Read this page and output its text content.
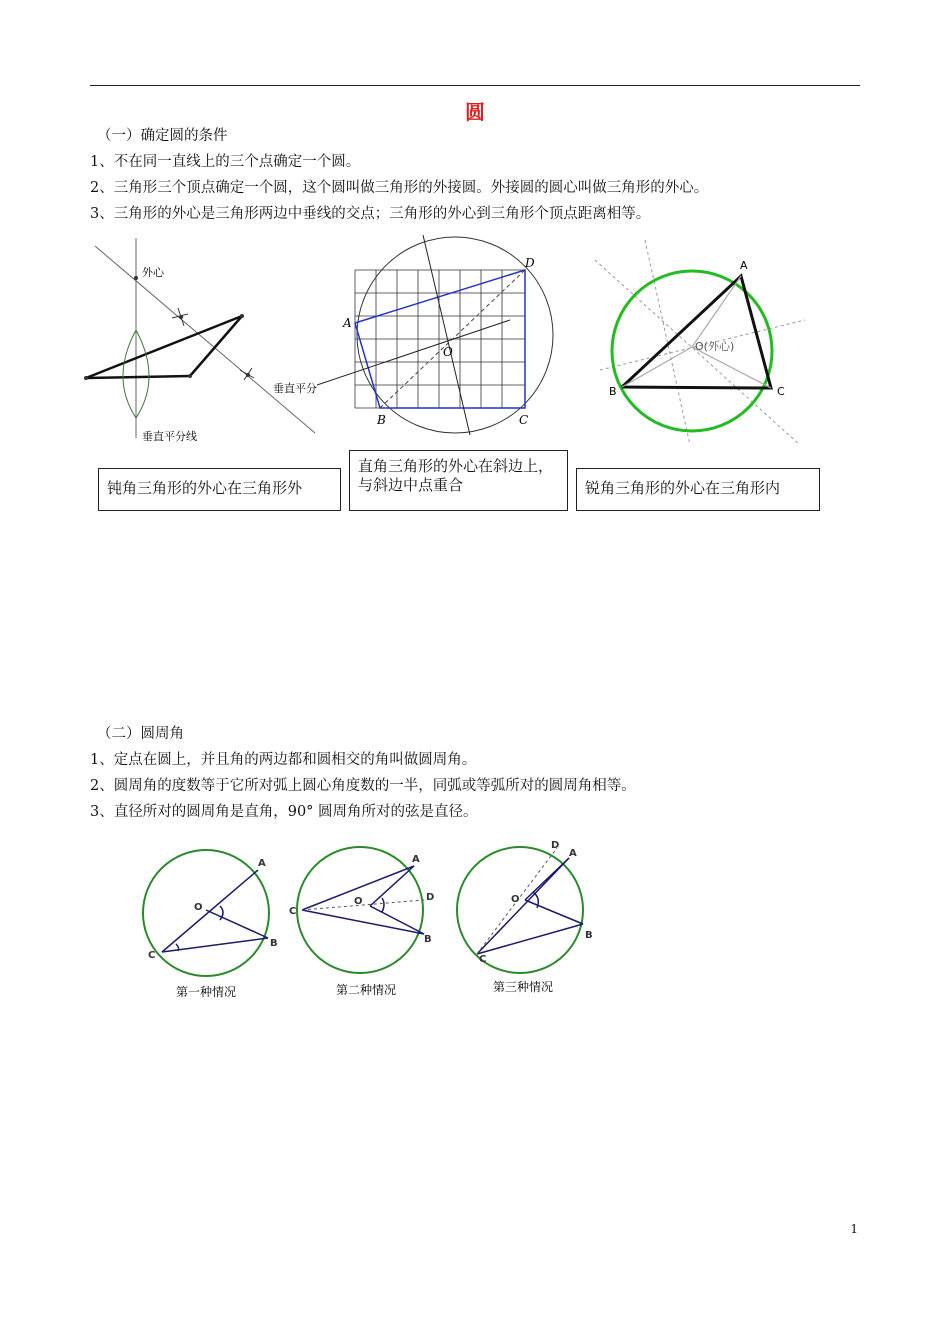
圆
（一）确定圆的条件
1、不在同一直线上的三个点确定一个圆。
2、三角形三个顶点确定一个圆，这个圆叫做三角形的外接圆。外接圆的圆心叫做三角形的外心。
3、三角形的外心是三角形两边中垂线的交点；三角形的外心到三角形个顶点距离相等。
外心
垂直平分
垂直平分线
A
B	C
D
O
A
B	C
O(外心)
钝角三角形的外心在三角形外
直角三角形的外心在斜边上，与斜边中点重合	锐角三角形的外心在三角形内
（二）圆周角
1、定点在圆上，并且角的两边都和圆相交的角叫做圆周角。
2、圆周角的度数等于它所对弧上圆心角度数的一半，同弧或等弧所对的圆周角相等。
3、直径所对的圆周角是直角，90° 圆周角所对的弦是直径。
A
B
C
O
第一种情况
A
B
C
O	D
第二种情况
A
B
C
O
D
第三种情况
1
